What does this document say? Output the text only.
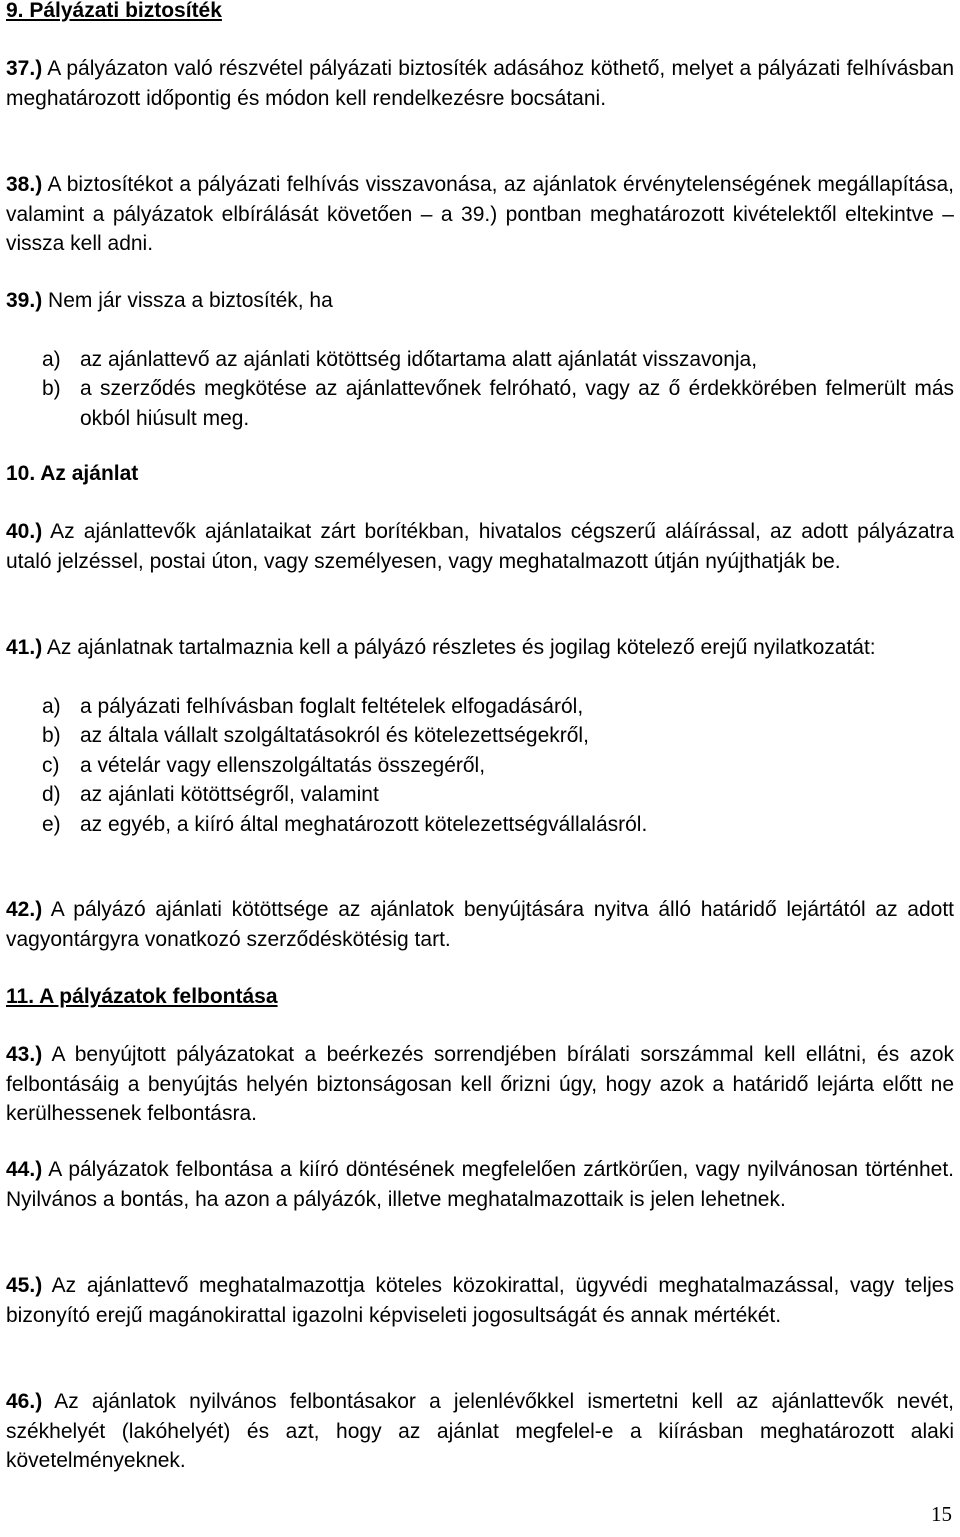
9. Pályázati biztosíték

37.) A pályázaton való részvétel pályázati biztosíték adásához köthető, melyet a pályázati felhívásban meghatározott időpontig és módon kell rendelkezésre bocsátani.

38.) A biztosítékot a pályázati felhívás visszavonása, az ajánlatok érvénytelenségének megállapítása, valamint a pályázatok elbírálását követően – a 39.) pontban meghatározott kivételektől eltekintve – vissza kell adni.

39.) Nem jár vissza a biztosíték, ha

a) az ajánlattevő az ajánlati kötöttség időtartama alatt ajánlatát visszavonja,
b) a szerződés megkötése az ajánlattevőnek felróható, vagy az ő érdekkörében felmerült más okból hiúsult meg.

10. Az ajánlat

40.) Az ajánlattevők ajánlataikat zárt borítékban, hivatalos cégszerű aláírással, az adott pályázatra utaló jelzéssel, postai úton, vagy személyesen, vagy meghatalmazott útján nyújthatják be.

41.) Az ajánlatnak tartalmaznia kell a pályázó részletes és jogilag kötelező erejű nyilatkozatát:

a) a pályázati felhívásban foglalt feltételek elfogadásáról,
b) az általa vállalt szolgáltatásokról és kötelezettségekről,
c) a vételár vagy ellenszolgáltatás összegéről,
d) az ajánlati kötöttségről, valamint
e) az egyéb, a kiíró által meghatározott kötelezettségvállalásról.

42.) A pályázó ajánlati kötöttsége az ajánlatok benyújtására nyitva álló határidő lejártától az adott vagyontárgyra vonatkozó szerződéskötésig tart.

11. A pályázatok felbontása

43.) A benyújtott pályázatokat a beérkezés sorrendjében bírálati sorszámmal kell ellátni, és azok felbontásáig a benyújtás helyén biztonságosan kell őrizni úgy, hogy azok a határidő lejárta előtt ne kerülhessenek felbontásra.

44.) A pályázatok felbontása a kiíró döntésének megfelelően zártkörűen, vagy nyilvánosan történhet. Nyilvános a bontás, ha azon a pályázók, illetve meghatalmazottaik is jelen lehetnek.

45.) Az ajánlattevő meghatalmazottja köteles közokirattal, ügyvédi meghatalmazással, vagy teljes bizonyító erejű magánokirattal igazolni képviseleti jogosultságát és annak mértékét.

46.) Az ajánlatok nyilvános felbontásakor a jelenlévőkkel ismertetni kell az ajánlattevők nevét, székhelyét (lakóhelyét) és azt, hogy az ajánlat megfelel-e a kiírásban meghatározott alaki követelményeknek.

15
